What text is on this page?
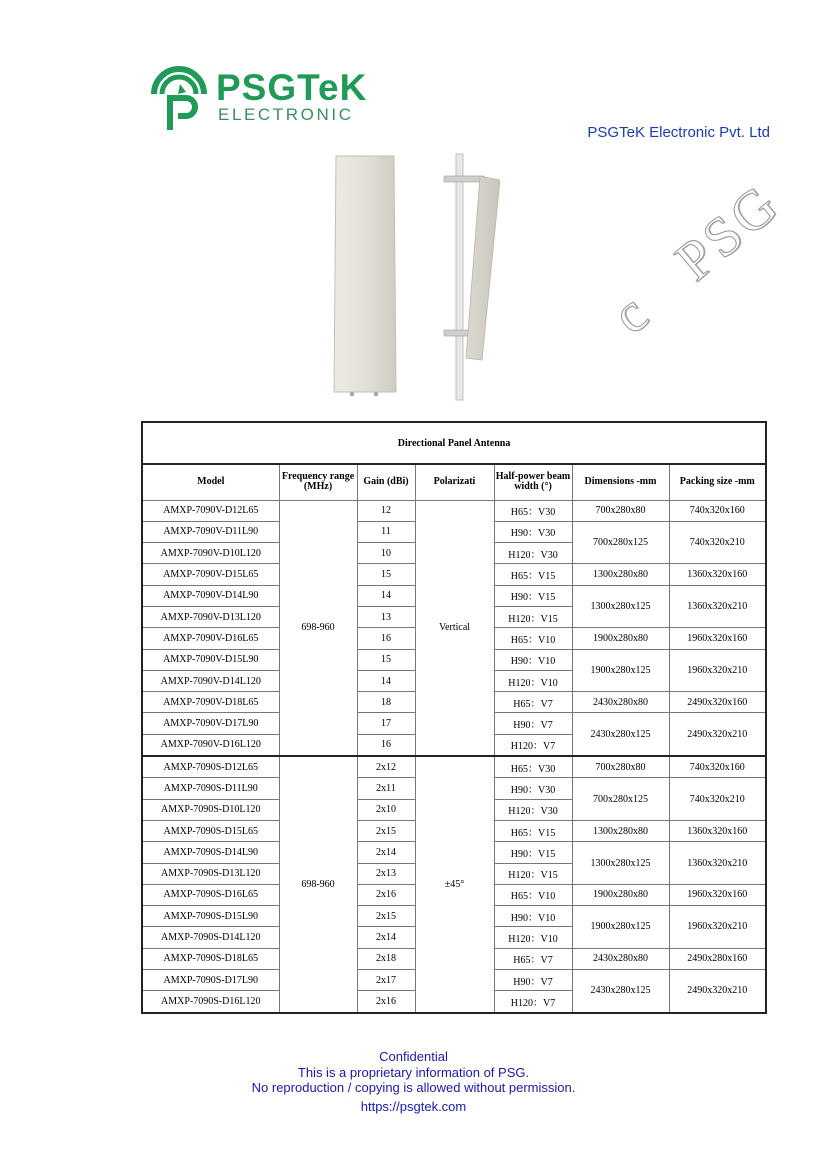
PSGTeK
ELECTRONIC
PSGTeK Electronic Pvt. Ltd
c   PSG
Directional Panel Antenna						
Model	Frequency range (MHz)	Gain (dBi)	Polarizati	Half-power beam width (°)	Dimensions -mm	Packing size -mm
AMXP-7090V-D12L65	698-960	12	Vertical	H65：V30	700x280x80	740x320x160
AMXP-7090V-D11L90		11		H90：V30	700x280x125	740x320x210
AMXP-7090V-D10L120		10		H120：V30		
AMXP-7090V-D15L65		15		H65：V15	1300x280x80	1360x320x160
AMXP-7090V-D14L90		14		H90：V15	1300x280x125	1360x320x210
AMXP-7090V-D13L120		13		H120：V15		
AMXP-7090V-D16L65		16		H65：V10	1900x280x80	1960x320x160
AMXP-7090V-D15L90		15		H90：V10	1900x280x125	1960x320x210
AMXP-7090V-D14L120		14		H120：V10		
AMXP-7090V-D18L65		18		H65：V7	2430x280x80	2490x320x160
AMXP-7090V-D17L90		17		H90：V7	2430x280x125	2490x320x210
AMXP-7090V-D16L120		16		H120：V7		
AMXP-7090S-D12L65	698-960	2x12	±45°	H65：V30	700x280x80	740x320x160
AMXP-7090S-D11L90		2x11		H90：V30	700x280x125	740x320x210
AMXP-7090S-D10L120		2x10		H120：V30		
AMXP-7090S-D15L65		2x15		H65：V15	1300x280x80	1360x320x160
AMXP-7090S-D14L90		2x14		H90：V15	1300x280x125	1360x320x210
AMXP-7090S-D13L120		2x13		H120：V15		
AMXP-7090S-D16L65		2x16		H65：V10	1900x280x80	1960x320x160
AMXP-7090S-D15L90		2x15		H90：V10	1900x280x125	1960x320x210
AMXP-7090S-D14L120		2x14		H120：V10		
AMXP-7090S-D18L65		2x18		H65：V7	2430x280x80	2490x280x160
AMXP-7090S-D17L90		2x17		H90：V7	2430x280x125	2490x320x210
AMXP-7090S-D16L120		2x16		H120：V7		
Confidential
This is a proprietary information of PSG.
No reproduction / copying is allowed without permission.
https://psgtek.com
